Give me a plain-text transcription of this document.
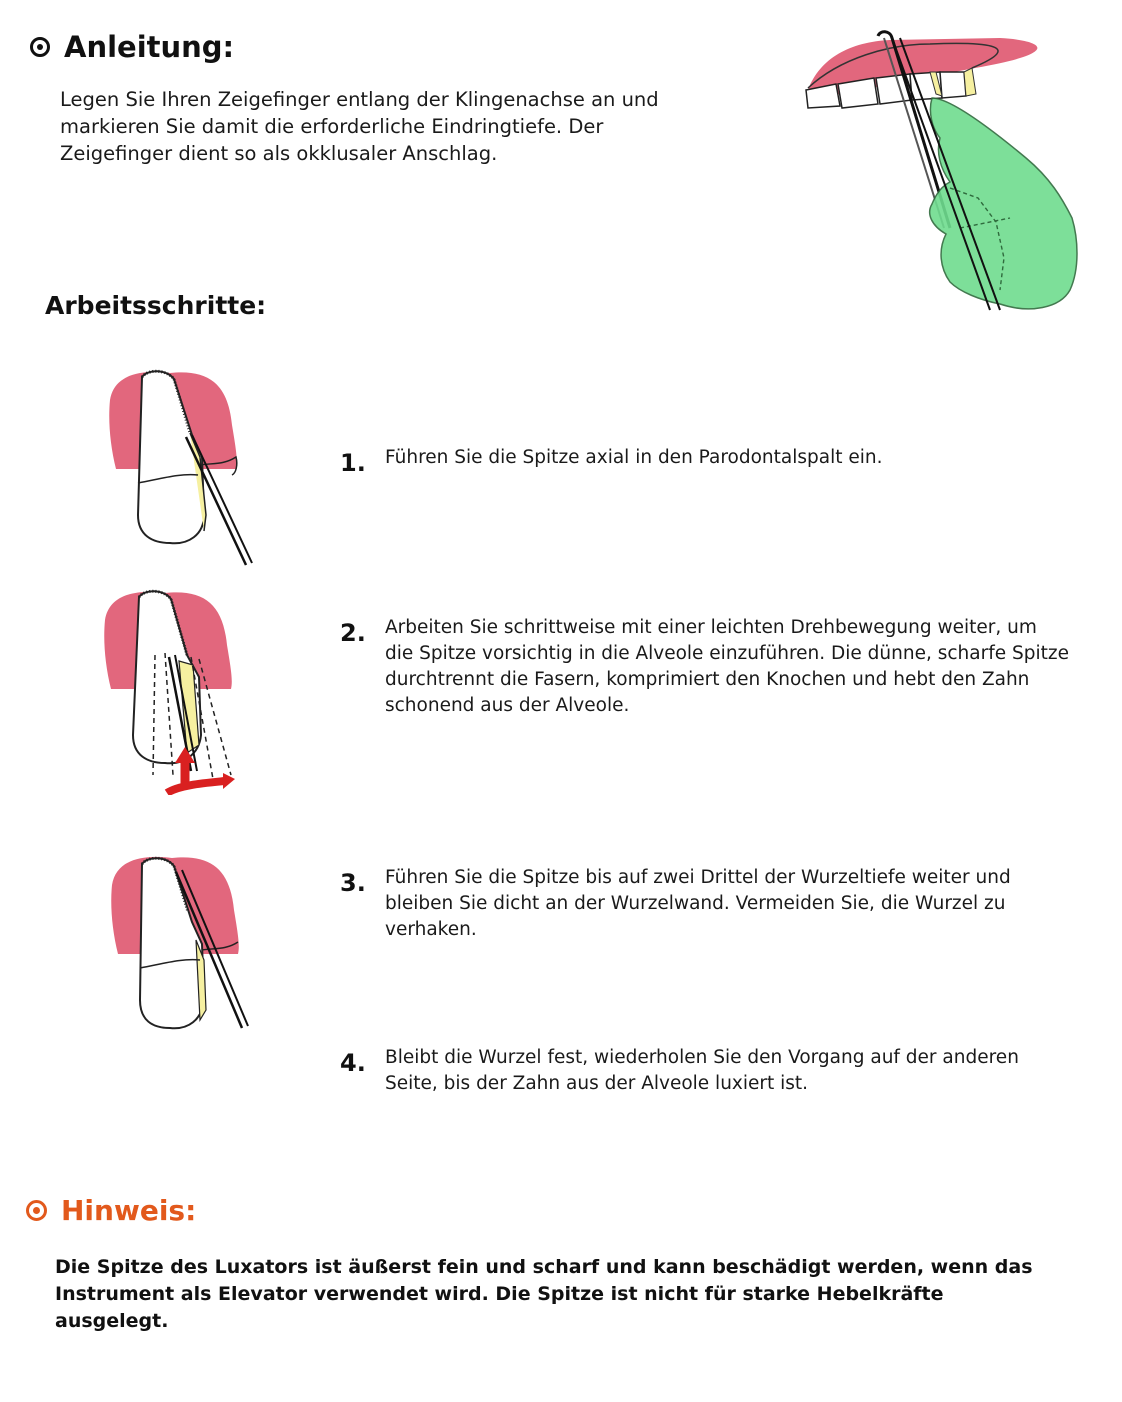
Anleitung:

Legen Sie Ihren Zeigefinger entlang der Klingenachse an und markieren Sie damit die erforderliche Eindringtiefe. Der Zeigefinger dient so als okklusaler Anschlag.

Arbeitsschritte:
1.	Führen Sie die Spitze axial in den Parodontalspalt ein.
2.	Arbeiten Sie schrittweise mit einer leichten Drehbewegung weiter, um die Spitze vorsichtig in die Alveole einzuführen. Die dünne, scharfe Spitze durchtrennt die Fasern, komprimiert den Knochen und hebt den Zahn schonend aus der Alveole.
3.	Führen Sie die Spitze bis auf zwei Drittel der Wurzeltiefe weiter und bleiben Sie dicht an der Wurzelwand. Vermeiden Sie, die Wurzel zu verhaken.
4.	Bleibt die Wurzel fest, wiederholen Sie den Vorgang auf der anderen Seite, bis der Zahn aus der Alveole luxiert ist.
Hinweis:

Die Spitze des Luxators ist äußerst fein und scharf und kann beschädigt werden, wenn das Instrument als Elevator verwendet wird. Die Spitze ist nicht für starke Hebelkräfte ausgelegt.
